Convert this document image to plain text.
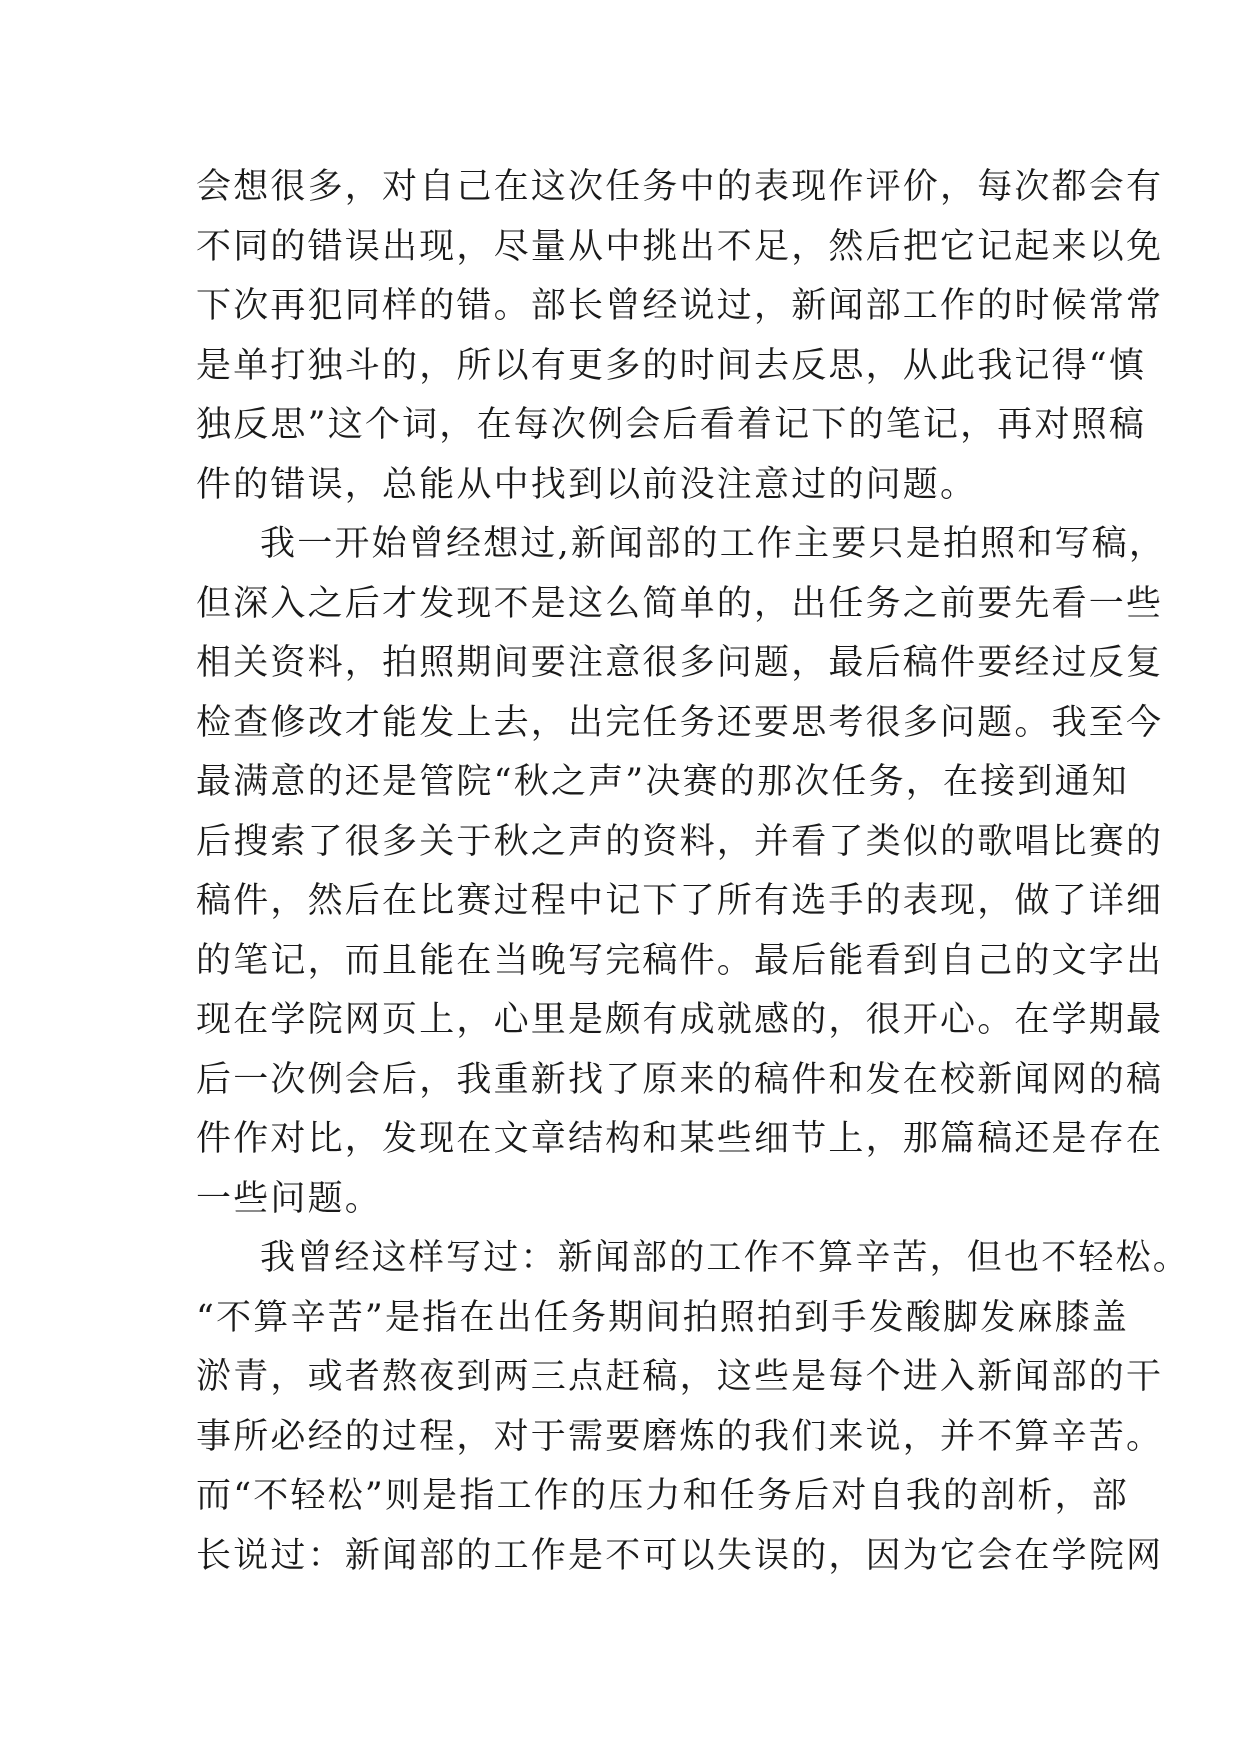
会想很多，对自己在这次任务中的表现作评价，每次都会有
不同的错误出现，尽量从中挑出不足，然后把它记起来以免
下次再犯同样的错。部长曾经说过，新闻部工作的时候常常
是单打独斗的，所以有更多的时间去反思，从此我记得“慎
独反思”这个词，在每次例会后看着记下的笔记，再对照稿
件的错误，总能从中找到以前没注意过的问题。
我一开始曾经想过,新闻部的工作主要只是拍照和写稿，
但深入之后才发现不是这么简单的，出任务之前要先看一些
相关资料，拍照期间要注意很多问题，最后稿件要经过反复
检查修改才能发上去，出完任务还要思考很多问题。我至今
最满意的还是管院“秋之声”决赛的那次任务，在接到通知
后搜索了很多关于秋之声的资料，并看了类似的歌唱比赛的
稿件，然后在比赛过程中记下了所有选手的表现，做了详细
的笔记，而且能在当晚写完稿件。最后能看到自己的文字出
现在学院网页上，心里是颇有成就感的，很开心。在学期最
后一次例会后，我重新找了原来的稿件和发在校新闻网的稿
件作对比，发现在文章结构和某些细节上，那篇稿还是存在
一些问题。
我曾经这样写过：新闻部的工作不算辛苦，但也不轻松。
“不算辛苦”是指在出任务期间拍照拍到手发酸脚发麻膝盖
淤青，或者熬夜到两三点赶稿，这些是每个进入新闻部的干
事所必经的过程，对于需要磨炼的我们来说，并不算辛苦。
而“不轻松”则是指工作的压力和任务后对自我的剖析，部
长说过：新闻部的工作是不可以失误的，因为它会在学院网
